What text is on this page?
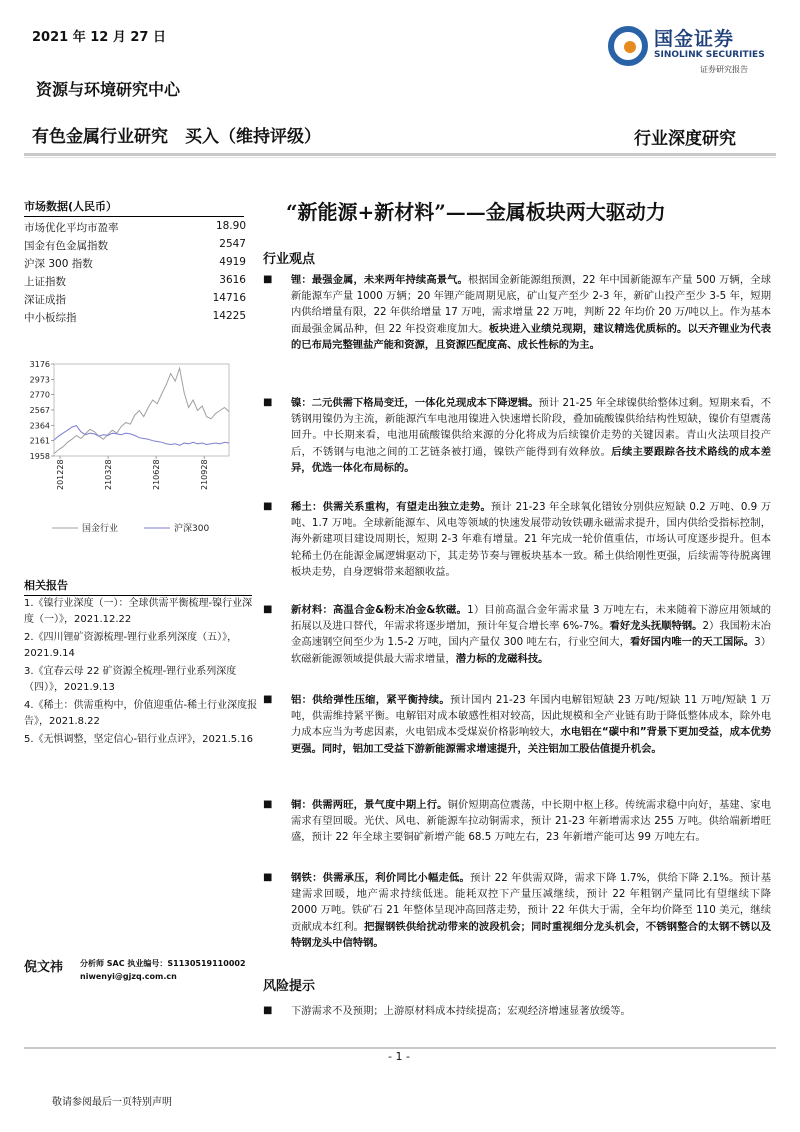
2021 年 12 月 27 日
资源与环境研究中心
国金证券
SINOLINK SECURITIES
证券研究报告
有色金属行业研究　买入（维持评级）	行业深度研究
市场数据(人民币）
市场优化平均市盈率	18.90
国金有色金属指数	2547
沪深 300 指数	4919
上证指数	3616
深证成指	14716
中小板综指	14225
3176
2973
2770
2567
2364
2161
1958
201228	210328	210628	210928
国金行业	沪深300
相关报告
1.《镍行业深度（一）：全球供需平衡梳理-镍行业深度（一）》，2021.12.22
2.《四川锂矿资源梳理-锂行业系列深度（五）》，2021.9.14
3.《宜春云母 22 矿资源全梳理-锂行业系列深度（四）》，2021.9.13
4.《稀土：供需重构中，价值迎重估-稀土行业深度报告》，2021.8.22
5.《无惧调整，坚定信心-铝行业点评》，2021.5.16
倪文祎 分析师 SAC 执业编号：S1130519110002
niwenyi@gjzq.com.cn
“新能源+新材料”——金属板块两大驱动力
行业观点
■ 锂：最强金属，未来两年持续高景气。根据国金新能源组预测，22 年中国新能源车产量 500 万辆，全球新能源车产量 1000 万辆；20 年锂产能周期见底，矿山复产至少 2-3 年，新矿山投产至少 3-5 年，短期内供给增量有限，22 年供给增量 17 万吨，需求增量 22 万吨，判断 22 年均价 20 万/吨以上。作为基本面最强金属品种，但 22 年投资难度加大。板块进入业绩兑现期，建议精选优质标的。以天齐锂业为代表的已布局完整锂盐产能和资源，且资源匹配度高、成长性标的为主。
■ 镍：二元供需下格局变迁，一体化兑现成本下降逻辑。预计 21-25 年全球镍供给整体过剩。短期来看，不锈钢用镍仍为主流，新能源汽车电池用镍进入快速增长阶段，叠加硫酸镍供给结构性短缺，镍价有望震荡回升。中长期来看，电池用硫酸镍供给来源的分化将成为后续镍价走势的关键因素。青山火法项目投产后，不锈钢与电池之间的工艺链条被打通，镍铁产能得到有效释放。后续主要跟踪各技术路线的成本差异，优选一体化布局标的。
■ 稀土：供需关系重构，有望走出独立走势。预计 21-23 年全球氧化镨钕分别供应短缺 0.2 万吨、0.9 万吨、1.7 万吨。全球新能源车、风电等领域的快速发展带动钕铁硼永磁需求提升，国内供给受指标控制，海外新建项目建设周期长，短期 2-3 年难有增量。21 年完成一轮价值重估，市场认可度逐步提升。但本轮稀土仍在能源金属逻辑驱动下，其走势节奏与锂板块基本一致。稀土供给刚性更强，后续需等待脱离锂板块走势，自身逻辑带来超额收益。
■ 新材料：高温合金&粉末冶金&软磁。1）目前高温合金年需求量 3 万吨左右，未来随着下游应用领域的拓展以及进口替代，年需求将逐步增加，预计年复合增长率 6%-7%。看好龙头抚顺特钢。2）我国粉末冶金高速钢空间至少为 1.5-2 万吨，国内产量仅 300 吨左右，行业空间大，看好国内唯一的天工国际。3）软磁新能源领域提供最大需求增量，潜力标的龙磁科技。
■ 铝：供给弹性压缩，紧平衡持续。预计国内 21-23 年国内电解铝短缺 23 万吨/短缺 11 万吨/短缺 1 万吨，供需维持紧平衡。电解铝对成本敏感性相对较高，因此规模和全产业链有助于降低整体成本，除外电力成本应当为考虑因素，火电铝成本受煤炭价格影响较大，水电铝在“碳中和”背景下更加受益，成本优势更强。同时，铝加工受益下游新能源需求增速提升，关注铝加工股估值提升机会。
■ 铜：供需两旺，景气度中期上行。铜价短期高位震荡，中长期中枢上移。传统需求稳中向好，基建、家电需求有望回暖。光伏、风电、新能源车拉动铜需求，预计 21-23 年新增需求达 255 万吨。供给端新增旺盛，预计 22 年全球主要铜矿新增产能 68.5 万吨左右，23 年新增产能可达 99 万吨左右。
■ 钢铁：供需承压，利价同比小幅走低。预计 22 年供需双降，需求下降 1.7%，供给下降 2.1%。预计基建需求回暖，地产需求持续低迷。能耗双控下产量压减继续，预计 22 年粗钢产量同比有望继续下降 2000 万吨。铁矿石 21 年整体呈现冲高回落走势，预计 22 年供大于需，全年均价降至 110 美元，继续贡献成本红利。把握钢铁供给扰动带来的波段机会；同时重视细分龙头机会，不锈钢整合的太钢不锈以及特钢龙头中信特钢。
风险提示
■ 下游需求不及预期；上游原材料成本持续提高；宏观经济增速显著放缓等。
- 1 -
敬请参阅最后一页特别声明
